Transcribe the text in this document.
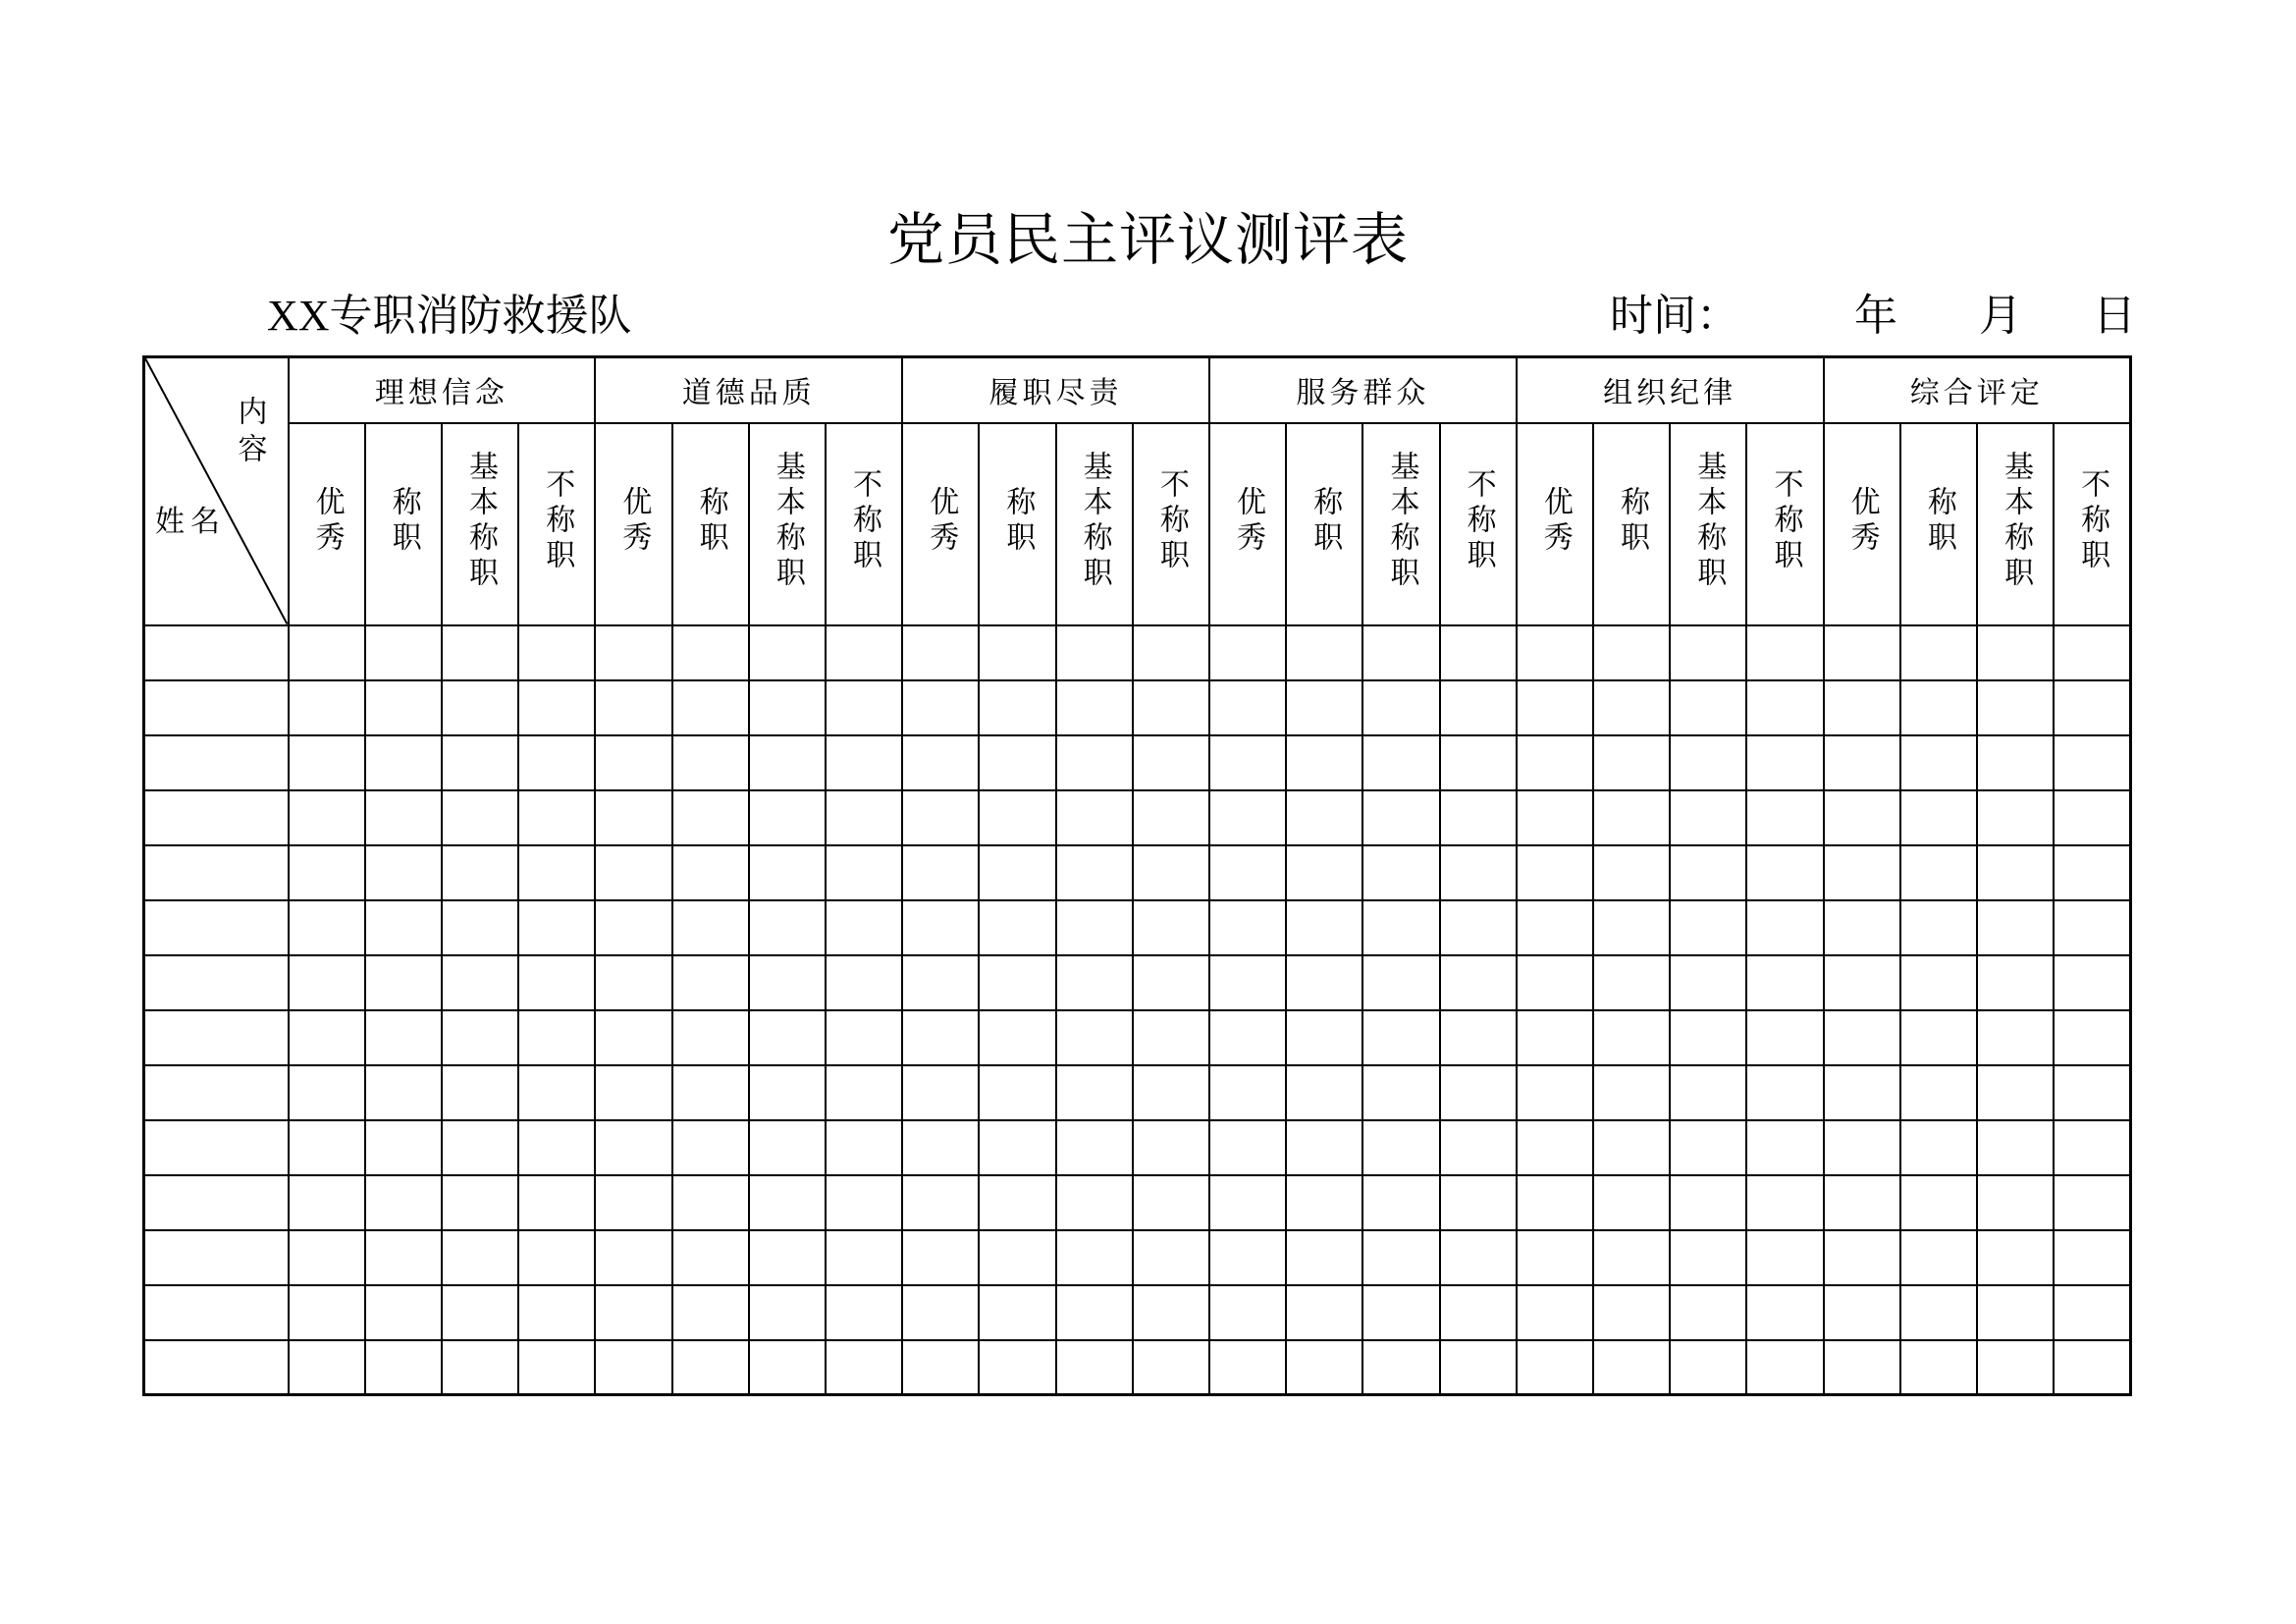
党员民主评议测评表
XX专职消防救援队	时间：	年 月 日
内容
姓名	理想信念				道德品质				履职尽责				服务群众				组织纪律				综合评定			
	优秀	称职	基本称职	不称职	优秀	称职	基本称职	不称职	优秀	称职	基本称职	不称职	优秀	称职	基本称职	不称职	优秀	称职	基本称职	不称职	优秀	称职	基本称职	不称职
